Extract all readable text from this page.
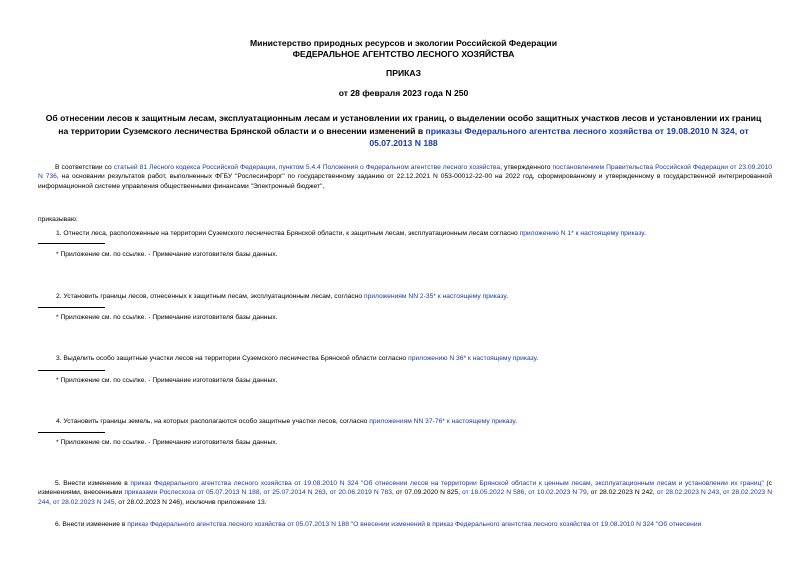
Министерство природных ресурсов и экологии Российской Федерации
ФЕДЕРАЛЬНОЕ АГЕНТСТВО ЛЕСНОГО ХОЗЯЙСТВА
ПРИКАЗ
от 28 февраля 2023 года N 250
Об отнесении лесов к защитным лесам, эксплуатационным лесам и установлении их границ, о выделении особо защитных участков лесов и установлении их границ на территории Суземского лесничества Брянской области и о внесении изменений в приказы Федерального агентства лесного хозяйства от 19.08.2010 N 324, от 05.07.2013 N 188
В соответствии со статьей 81 Лесного кодекса Российской Федерации, пунктом 5.4.4 Положения о Федеральном агентстве лесного хозяйства, утвержденного постановлением Правительства Российской Федерации от 23.09.2010 N 736, на основании результатов работ, выполненных ФГБУ "Рослесинфорг" по государственному заданию от 22.12.2021 N 053-00012-22-00 на 2022 год, сформированному и утвержденному в государственной интегрированной информационной системе управления общественными финансами "Электронный бюджет",
приказываю:
1. Отнести леса, расположенные на территории Суземского лесничества Брянской области, к защитным лесам, эксплуатационным лесам согласно приложению N 1* к настоящему приказу.
* Приложение см. по ссылке. - Примечание изготовителя базы данных.
2. Установить границы лесов, отнесенных к защитным лесам, эксплуатационным лесам, согласно приложениям NN 2-35* к настоящему приказу.
* Приложение см. по ссылке. - Примечание изготовителя базы данных.
3. Выделить особо защитные участки лесов на территории Суземского лесничества Брянской области согласно приложению N 36* к настоящему приказу.
* Приложение см. по ссылке. - Примечание изготовителя базы данных.
4. Установить границы земель, на которых располагаются особо защитные участки лесов, согласно приложениям NN 37-76* к настоящему приказу.
* Приложение см. по ссылке. - Примечание изготовителя базы данных.
5. Внести изменение в приказ Федерального агентства лесного хозяйства от 19.08.2010 N 324 "Об отнесении лесов на территории Брянской области к ценным лесам, эксплуатационным лесам и установлении их границ" (с изменениями, внесенными приказами Рослесхоза от 05.07.2013 N 188, от 25.07.2014 N 263, от 20.06.2019 N 783, от 07.09.2020 N 825, от 18.05.2022 N 586, от 10.02.2023 N 79, от 28.02.2023 N 242, от 28.02.2023 N 243, от 28.02.2023 N 244, от 28.02.2023 N 245, от 28.02.2023 N 246), исключив приложение 13.
6. Внести изменение в приказ Федерального агентства лесного хозяйства от 05.07.2013 N 188 "О внесении изменений в приказ Федерального агентства лесного хозяйства от 19.08.2010 N 324 "Об отнесении
